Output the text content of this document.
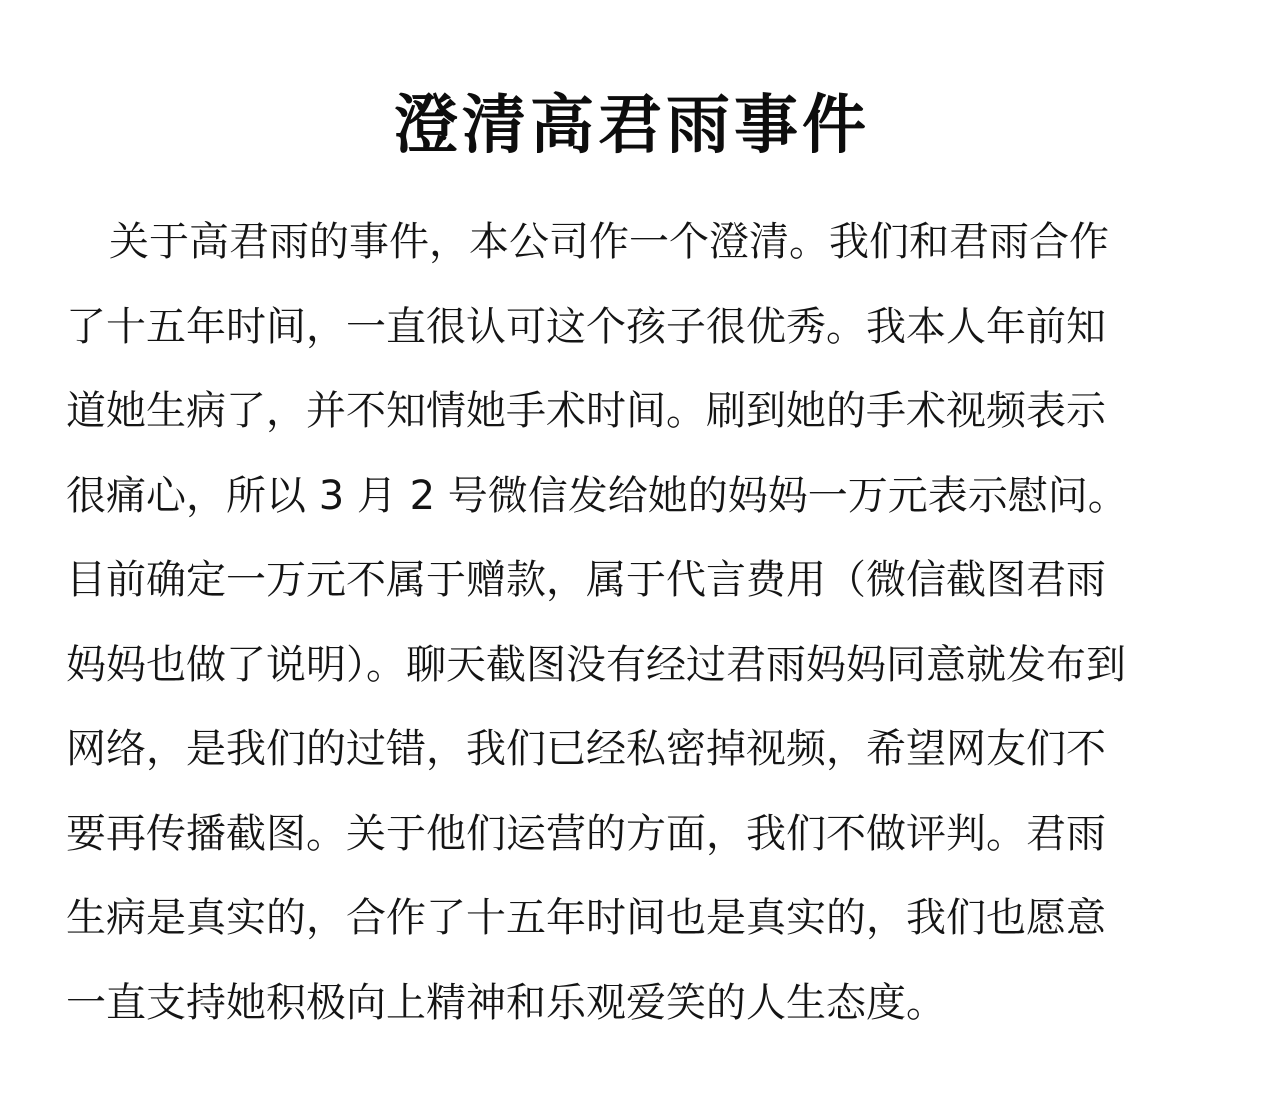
澄清高君雨事件
关于高君雨的事件，本公司作一个澄清。我们和君雨合作
了十五年时间，一直很认可这个孩子很优秀。我本人年前知
道她生病了，并不知情她手术时间。刷到她的手术视频表示
很痛心，所以 3 月 2 号微信发给她的妈妈一万元表示慰问。
目前确定一万元不属于赠款，属于代言费用（微信截图君雨
妈妈也做了说明）。聊天截图没有经过君雨妈妈同意就发布到
网络，是我们的过错，我们已经私密掉视频，希望网友们不
要再传播截图。关于他们运营的方面，我们不做评判。君雨
生病是真实的，合作了十五年时间也是真实的，我们也愿意
一直支持她积极向上精神和乐观爱笑的人生态度。
